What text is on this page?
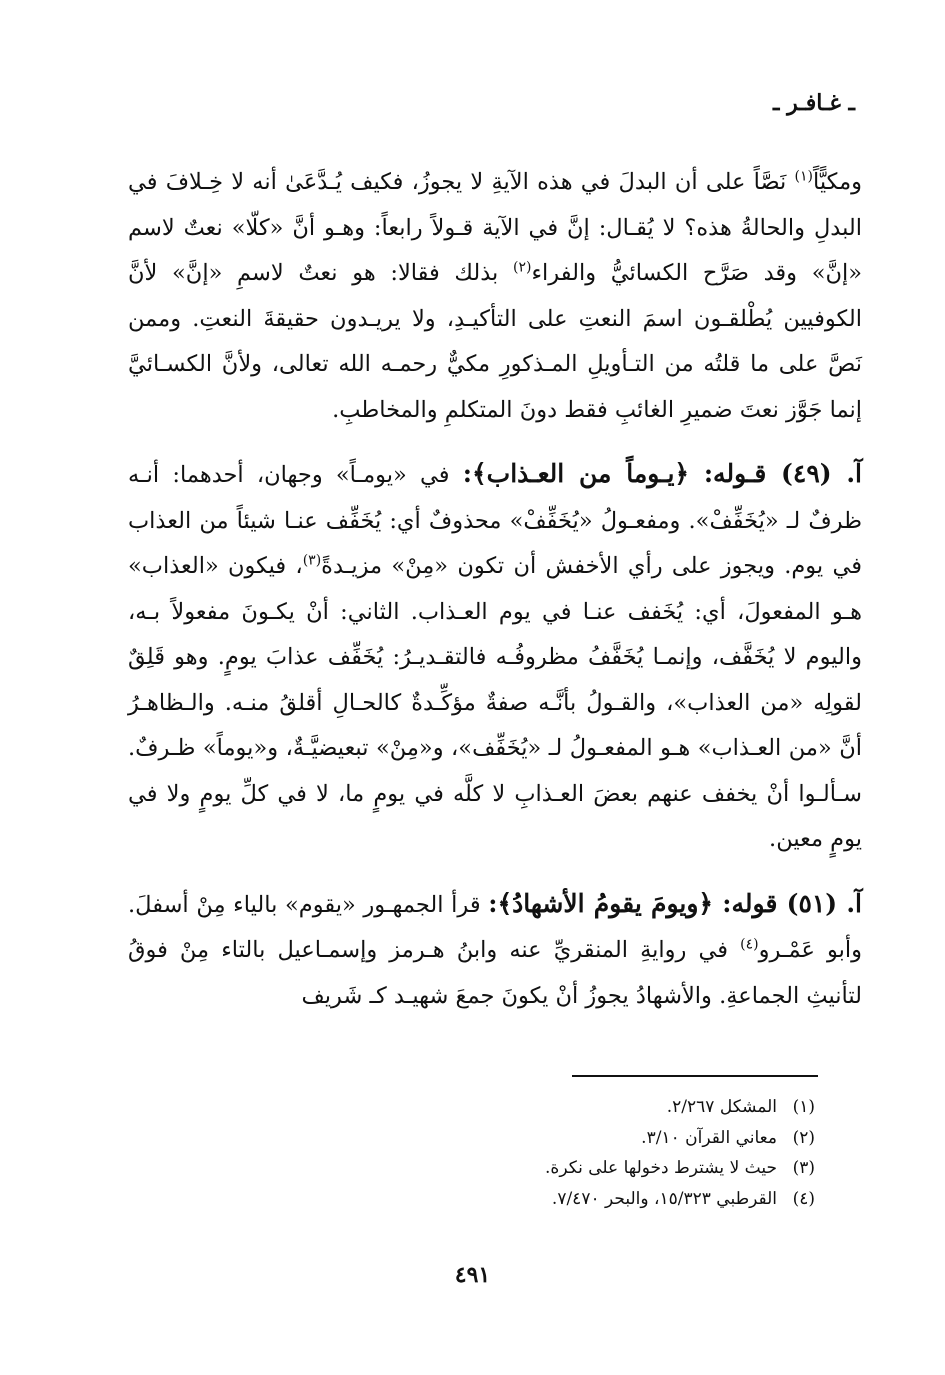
ـ غـافـر ـ

ومكيًّاً$^{(١)}$ نَصَّاً على أن البدلَ في هذه الآيةِ لا يجوزُ، فكيف يُـدَّعَىٰ أنه لا خِـلافَ في البدلِ والحالةُ هذه؟ لا يُقـال: إنَّ في الآية قـولاً رابعاً: وهـو أنَّ «كلّا» نعتٌ لاسم «إنَّ» وقد صَرَّح الكسائيُّ والفراء$^{(٢)}$ بذلك فقالا: هو نعتٌ لاسمِ «إنَّ» لأنَّ الكوفيين يُطْلقـون اسمَ النعتِ على التأكيـدِ، ولا يريـدون حقيقةَ النعتِ. وممن نَصَّ على ما قلتُه من التـأويلِ المـذكورِ مكيٌّ رحمـه الله تعالى، ولأنَّ الكسـائيَّ إنما جَوَّز نعتَ ضميرِ الغائبِ فقط دونَ المتكلمِ والمخاطبِ.

آ. (٤٩) قـوله: ﴿يـوماً من العـذاب﴾: في «يومـاً» وجهان، أحدهما: أنـه ظرفٌ لـ «يُخَفِّفْ». ومفعـولُ «يُخَفِّفْ» محذوفٌ أي: يُخَفِّف عنـا شيئاً من العذاب في يوم. ويجوز على رأي الأخفش أن تكون «مِنْ» مزيـدةً$^{(٣)}$، فيكون «العذاب» هـو المفعولَ، أي: يُخَفف عنـا في يوم العـذاب. الثاني: أنْ يكـونَ مفعولاً بـه، واليوم لا يُخَفَّف، وإنمـا يُخَفَّفُ مظروفُـه فالتقـديـرُ: يُخَفِّف عذابَ يومٍ. وهو قَلِقٌ لقولِه «من العذاب»، والقـولُ بأنَّـه صفةٌ مؤكِّـدةٌ كالحـالِ أقلقُ منـه. والـظاهـرُ أنَّ «من العـذاب» هـو المفعـولُ لـ «يُخَفِّف»، و«مِنْ» تبعيضيَّـةٌ، و«يوماً» ظـرفٌ. سـألـوا أنْ يخفف عنهم بعضَ العـذابِ لا كلَّه في يومٍ ما، لا في كلِّ يومٍ ولا في يومٍ معين.

آ. (٥١) قوله: ﴿ويومَ يقومُ الأشهادُ﴾: قرأ الجمهـور «يقوم» بالياء مِنْ أسفلَ. وأبو عَمْـرو$^{(٤)}$ في روايةِ المنقريِّ عنه وابنُ هـرمز وإسمـاعيل بالتاء مِنْ فوقُ لتأنيثِ الجماعةِ. والأشهادُ يجوزُ أنْ يكونَ جمعَ شهيـد كـ شَريف

(١)المشكل ٢/٢٦٧.
(٢)معاني القرآن ٣/١٠.
(٣)حيث لا يشترط دخولها على نكرة.
(٤)القرطبي ١٥/٣٢٣، والبحر ٧/٤٧٠.
٤٩١
